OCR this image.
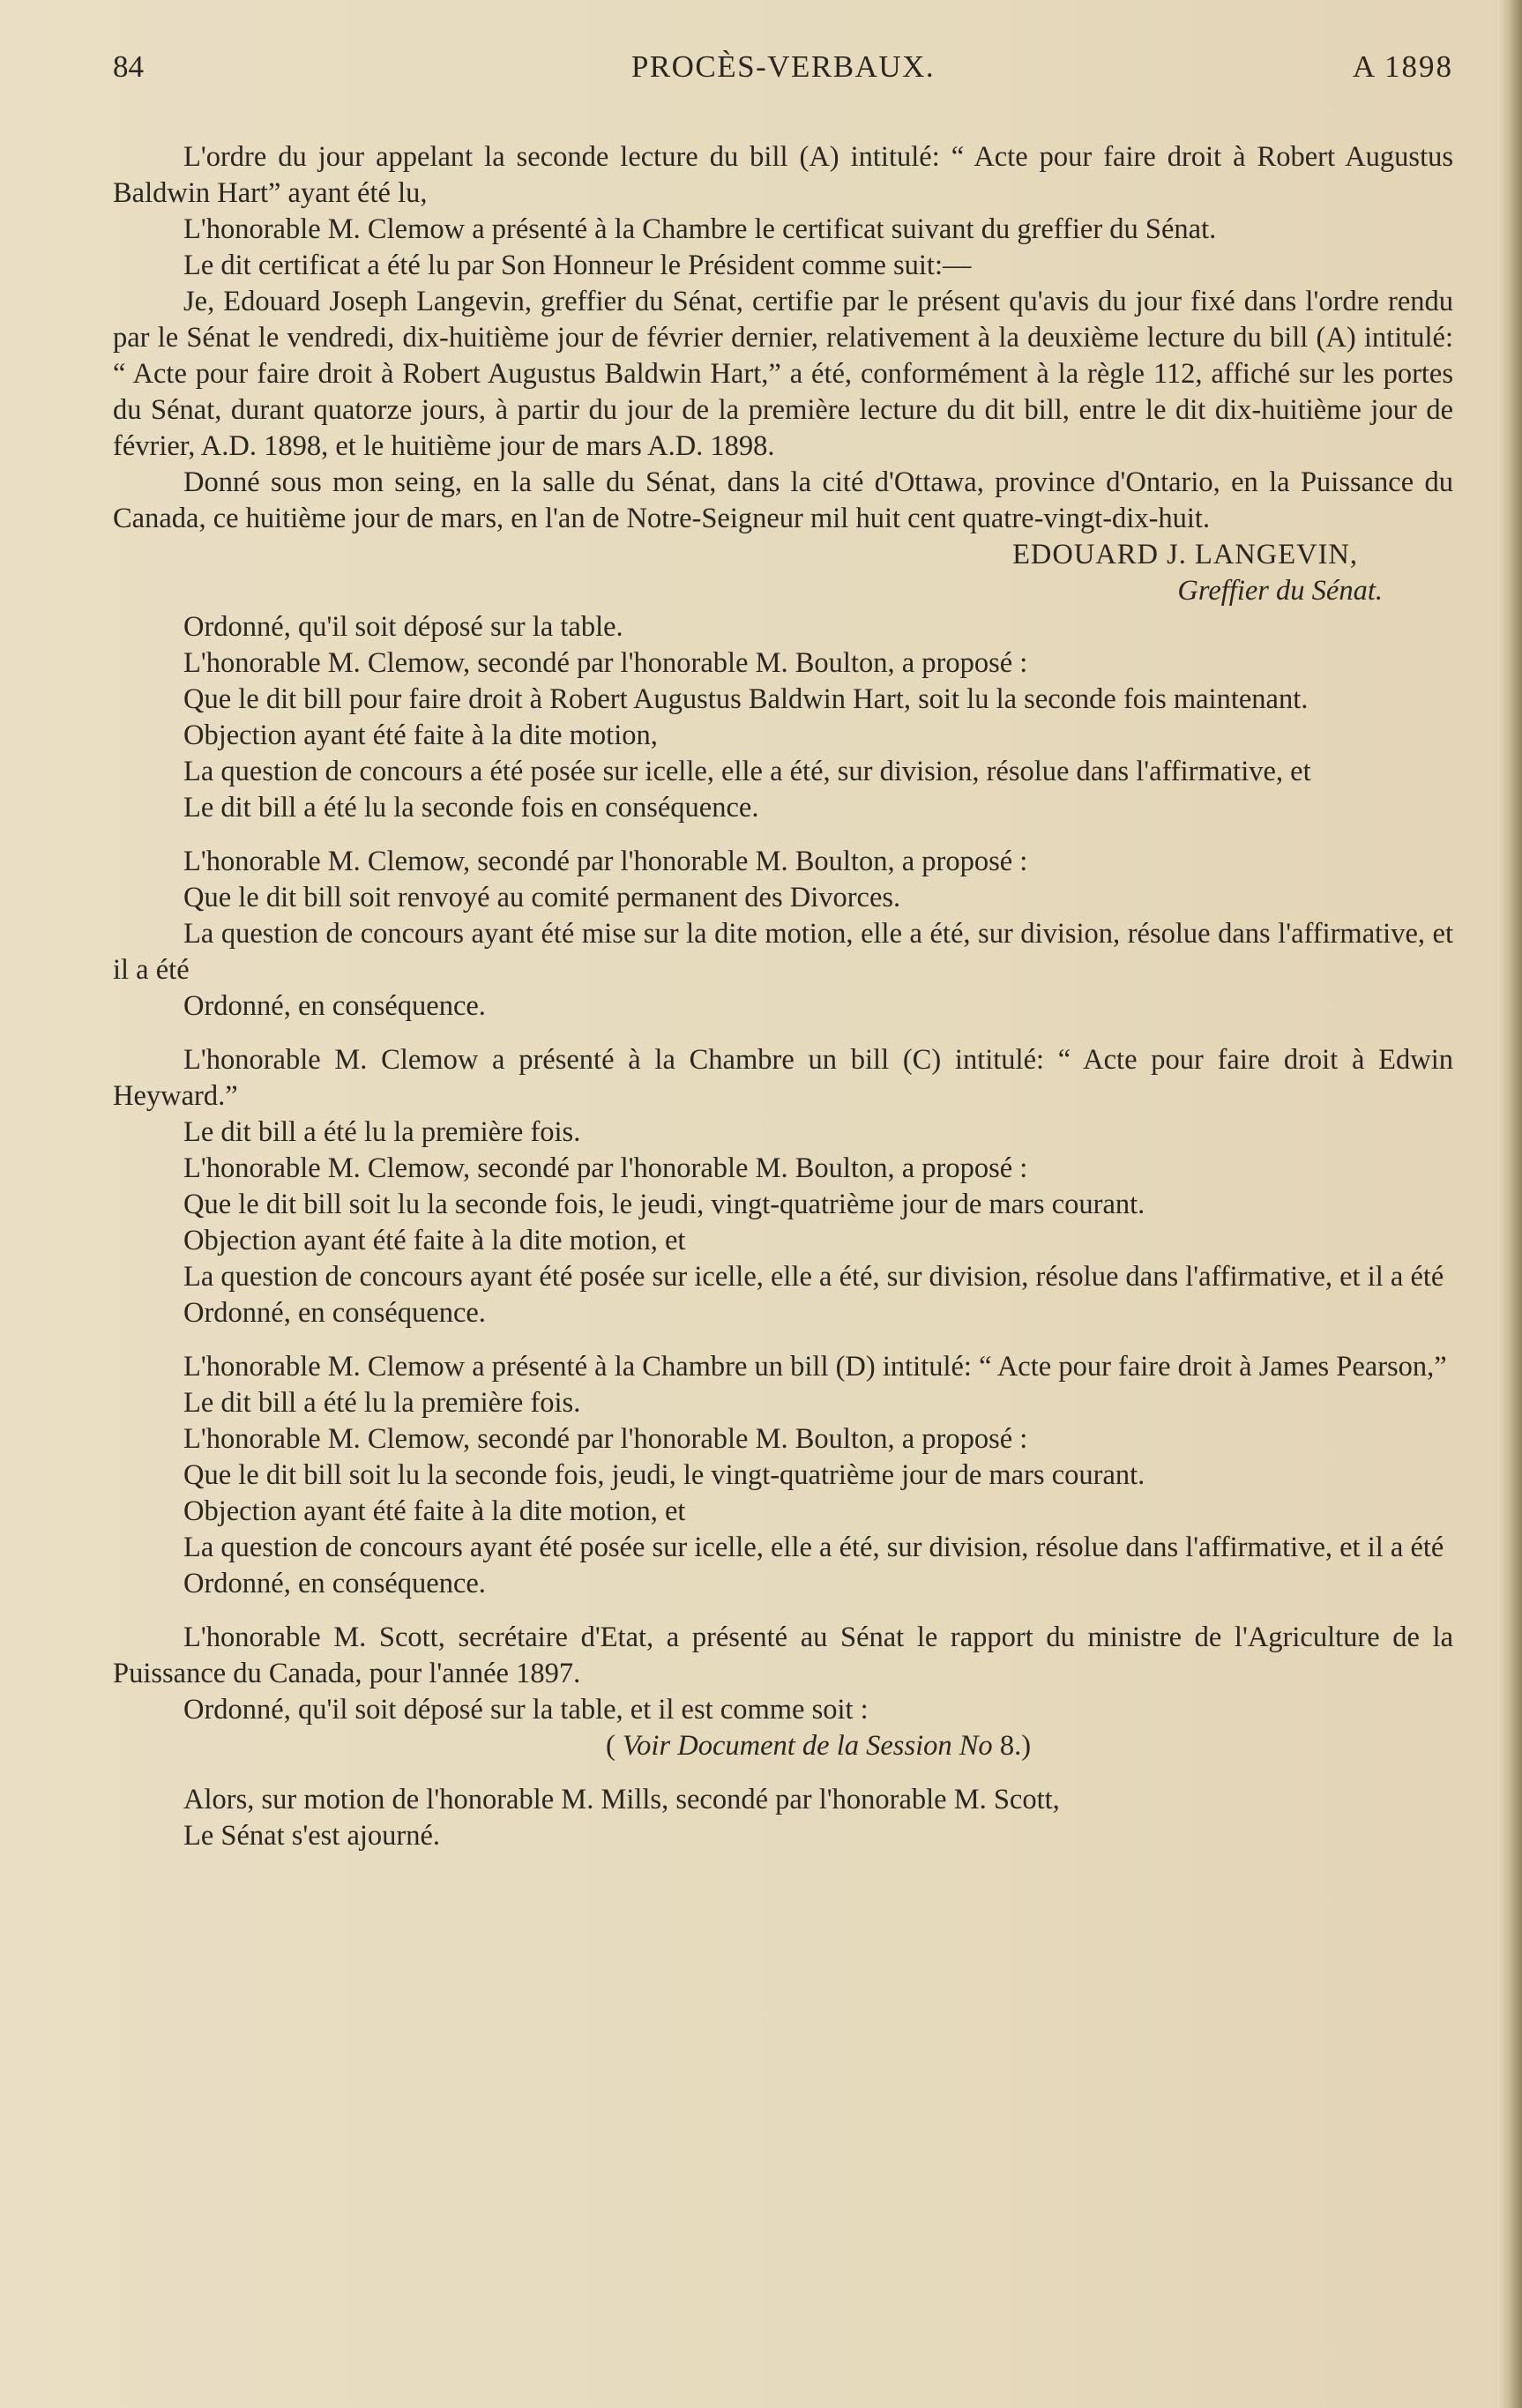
84	PROCÈS-VERBAUX.	A 1898

L'ordre du jour appelant la seconde lecture du bill (A) intitulé: “ Acte pour faire droit à Robert Augustus Baldwin Hart” ayant été lu,

L'honorable M. Clemow a présenté à la Chambre le certificat suivant du greffier du Sénat.

Le dit certificat a été lu par Son Honneur le Président comme suit:—

Je, Edouard Joseph Langevin, greffier du Sénat, certifie par le présent qu'avis du jour fixé dans l'ordre rendu par le Sénat le vendredi, dix-huitième jour de février dernier, relativement à la deuxième lecture du bill (A) intitulé: “ Acte pour faire droit à Robert Augustus Baldwin Hart,” a été, conformément à la règle 112, affiché sur les portes du Sénat, durant quatorze jours, à partir du jour de la première lecture du dit bill, entre le dit dix-huitième jour de février, A.D. 1898, et le huitième jour de mars A.D. 1898.

Donné sous mon seing, en la salle du Sénat, dans la cité d'Ottawa, province d'Ontario, en la Puissance du Canada, ce huitième jour de mars, en l'an de Notre-Seigneur mil huit cent quatre-vingt-dix-huit.

EDOUARD J. LANGEVIN,

Greffier du Sénat.

Ordonné, qu'il soit déposé sur la table.

L'honorable M. Clemow, secondé par l'honorable M. Boulton, a proposé :

Que le dit bill pour faire droit à Robert Augustus Baldwin Hart, soit lu la seconde fois maintenant.

Objection ayant été faite à la dite motion,

La question de concours a été posée sur icelle, elle a été, sur division, résolue dans l'affirmative, et

Le dit bill a été lu la seconde fois en conséquence.

L'honorable M. Clemow, secondé par l'honorable M. Boulton, a proposé :

Que le dit bill soit renvoyé au comité permanent des Divorces.

La question de concours ayant été mise sur la dite motion, elle a été, sur division, résolue dans l'affirmative, et il a été

Ordonné, en conséquence.

L'honorable M. Clemow a présenté à la Chambre un bill (C) intitulé: “ Acte pour faire droit à Edwin Heyward.”

Le dit bill a été lu la première fois.

L'honorable M. Clemow, secondé par l'honorable M. Boulton, a proposé :

Que le dit bill soit lu la seconde fois, le jeudi, vingt-quatrième jour de mars courant.

Objection ayant été faite à la dite motion, et

La question de concours ayant été posée sur icelle, elle a été, sur division, résolue dans l'affirmative, et il a été

Ordonné, en conséquence.

L'honorable M. Clemow a présenté à la Chambre un bill (D) intitulé: “ Acte pour faire droit à James Pearson,”

Le dit bill a été lu la première fois.

L'honorable M. Clemow, secondé par l'honorable M. Boulton, a proposé :

Que le dit bill soit lu la seconde fois, jeudi, le vingt-quatrième jour de mars courant.

Objection ayant été faite à la dite motion, et

La question de concours ayant été posée sur icelle, elle a été, sur division, résolue dans l'affirmative, et il a été

Ordonné, en conséquence.

L'honorable M. Scott, secrétaire d'Etat, a présenté au Sénat le rapport du ministre de l'Agriculture de la Puissance du Canada, pour l'année 1897.

Ordonné, qu'il soit déposé sur la table, et il est comme soit :

( Voir Document de la Session No 8.)

Alors, sur motion de l'honorable M. Mills, secondé par l'honorable M. Scott,

Le Sénat s'est ajourné.
